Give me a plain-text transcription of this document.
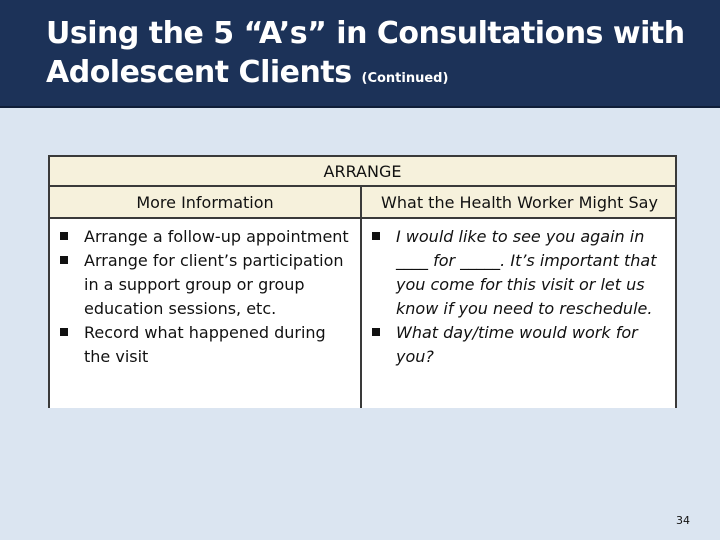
Using the 5 “A’s” in Consultations with Adolescent Clients (Continued)
ARRANGE
More Information	What the Health Worker Might Say
Arrange a follow-up appointment
Arrange for client’s participation in a support group or group education sessions, etc.
Record what happened during the visit
I would like to see you again in ____ for _____. It’s important that you come for this visit or let us know if you need to reschedule.
What day/time would work for you?
34
